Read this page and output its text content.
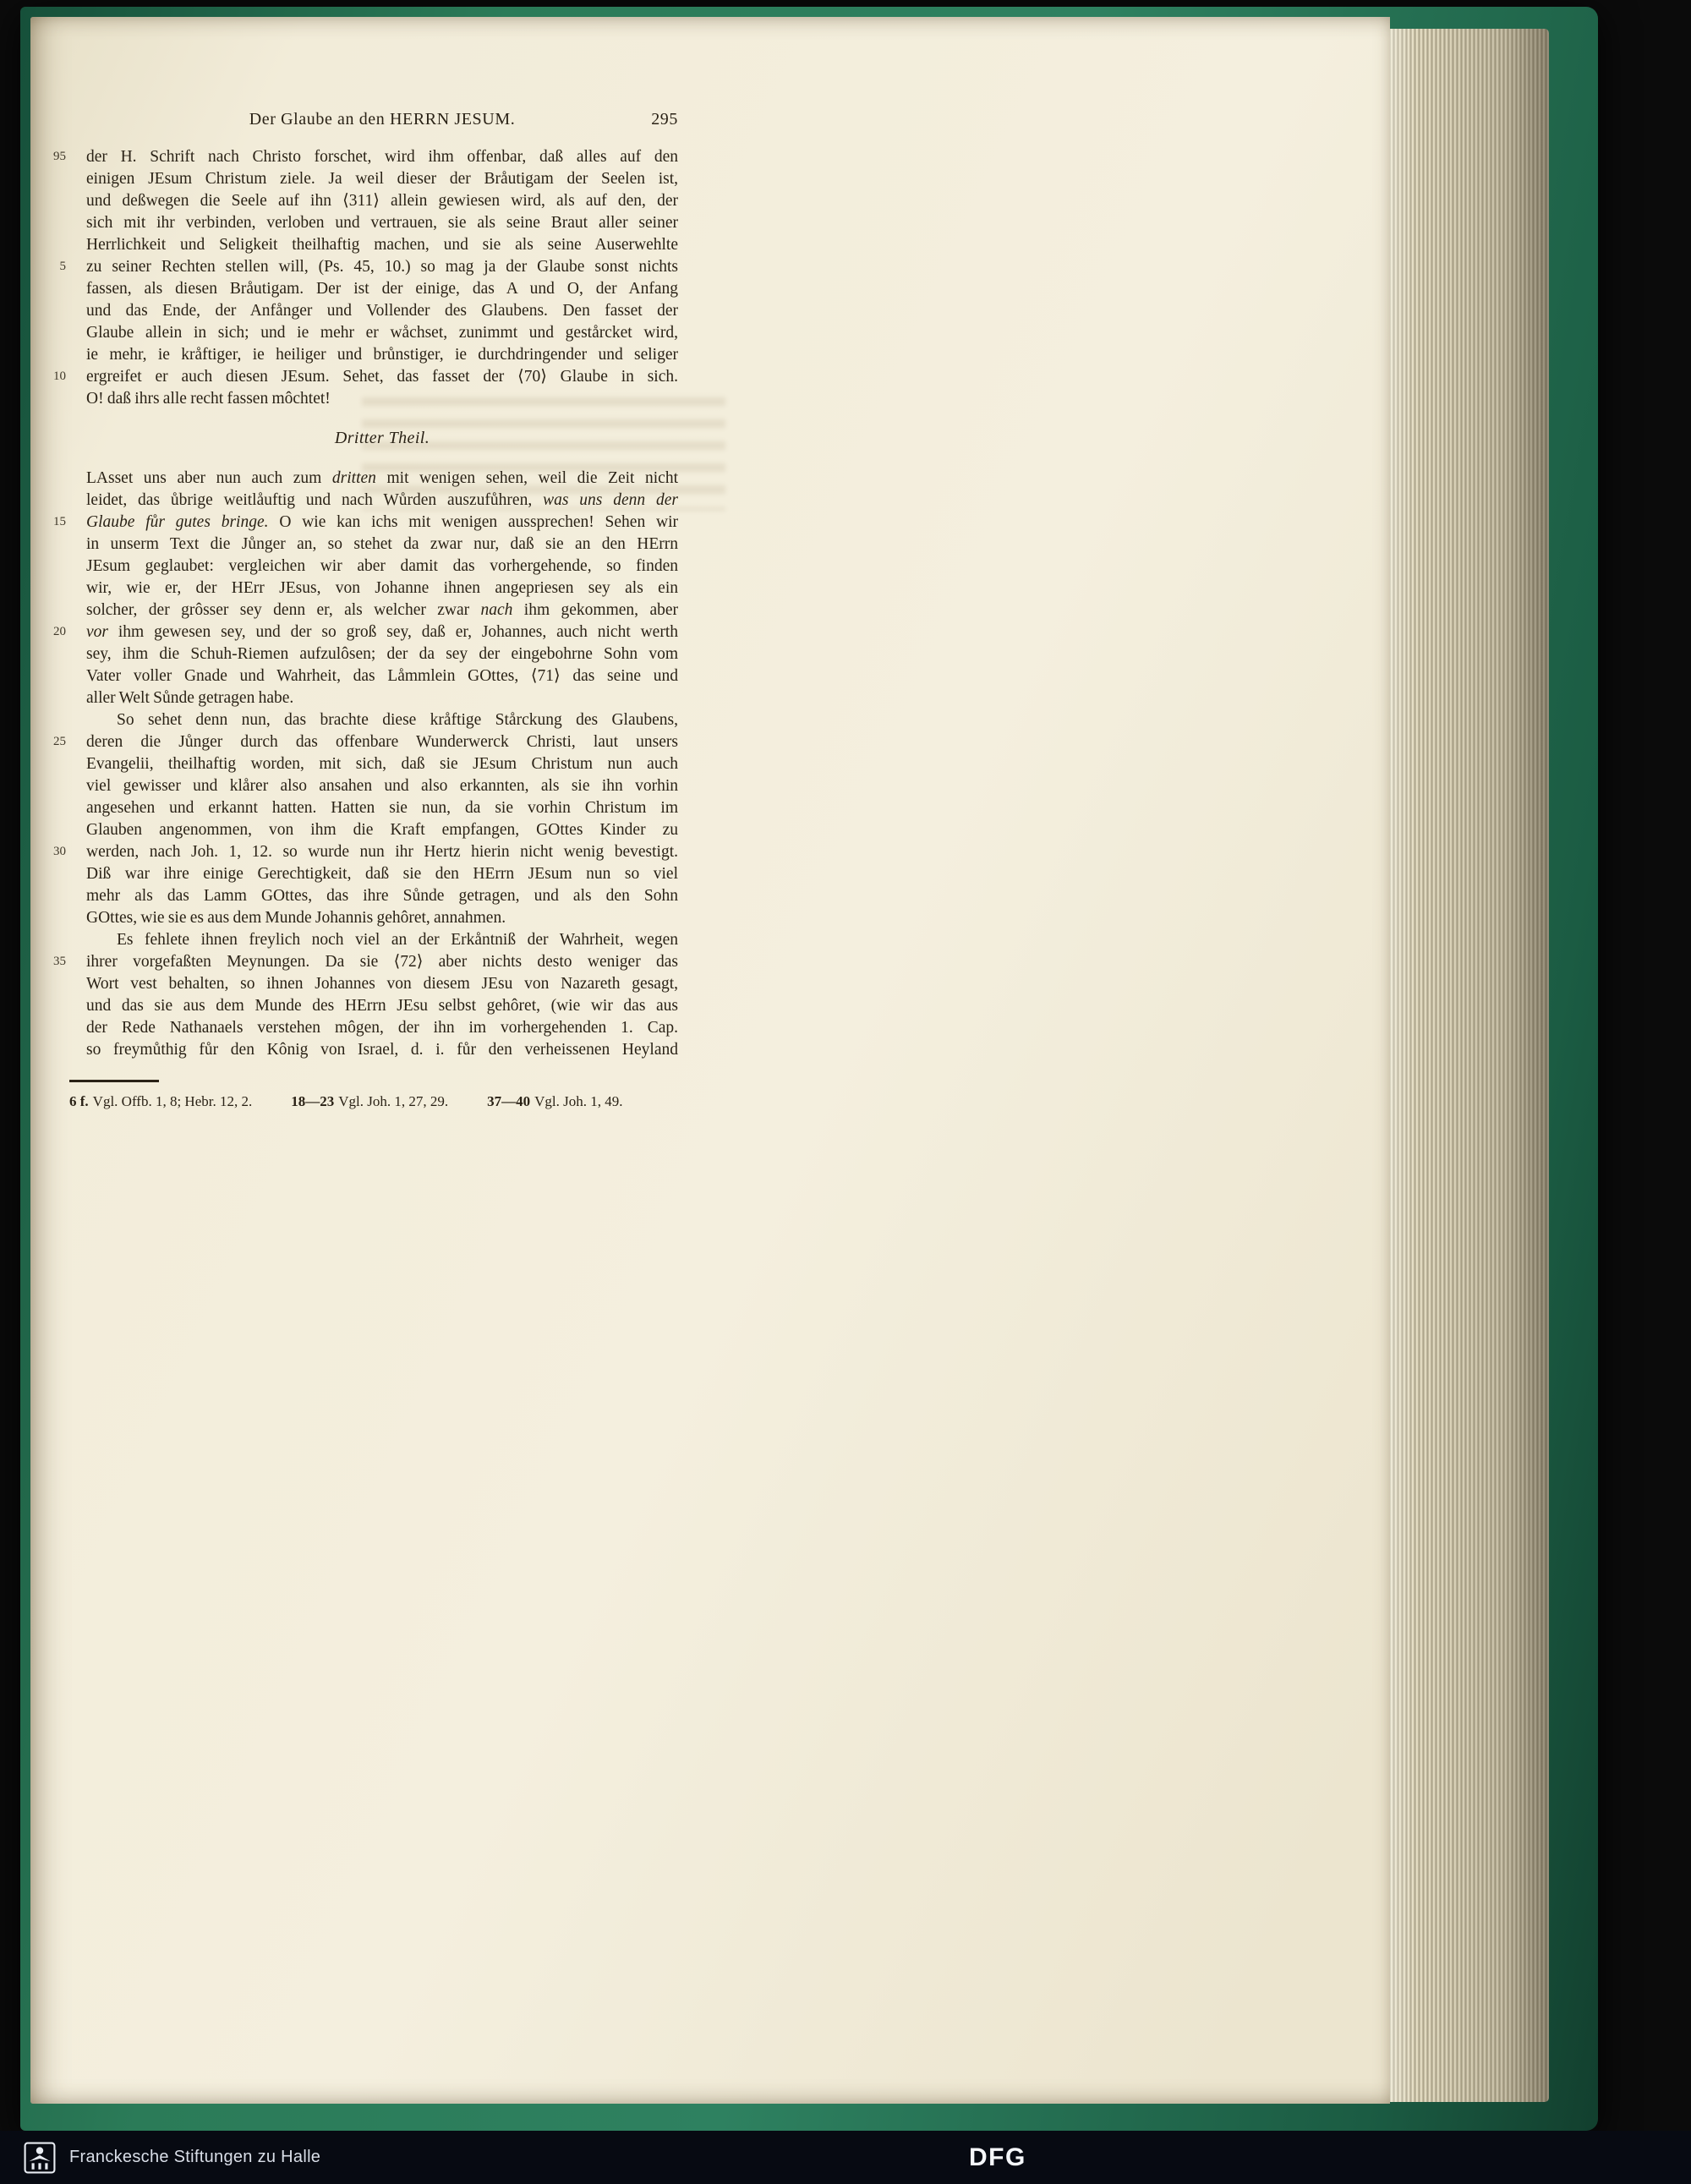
Der Glaube an den HERRN JESUM.	295
95 der H. Schrift nach Christo forschet, wird ihm offenbar, daß alles auf den
einigen JEsum Christum ziele. Ja weil dieser der Bråutigam der Seelen ist,
und deßwegen die Seele auf ihn ⟨311⟩ allein gewiesen wird, als auf den, der
sich mit ihr verbinden, verloben und vertrauen, sie als seine Braut aller seiner
Herrlichkeit und Seligkeit theilhaftig machen, und sie als seine Auserwehlte
5 zu seiner Rechten stellen will, (Ps. 45, 10.) so mag ja der Glaube sonst nichts
fassen, als diesen Bråutigam. Der ist der einige, das A und O, der Anfang
und das Ende, der Anfånger und Vollender des Glaubens. Den fasset der
Glaube allein in sich; und ie mehr er wåchset, zunimmt und gestårcket wird,
ie mehr, ie kråftiger, ie heiliger und brůnstiger, ie durchdringender und seliger
10 ergreifet er auch diesen JEsum. Sehet, das fasset der ⟨70⟩ Glaube in sich.
O! daß ihrs alle recht fassen môchtet!
Dritter Theil.
LAsset uns aber nun auch zum dritten mit wenigen sehen, weil die Zeit nicht
leidet, das ůbrige weitlåuftig und nach Wůrden auszufůhren, was uns denn der
15 Glaube fůr gutes bringe. O wie kan ichs mit wenigen aussprechen! Sehen wir
in unserm Text die Jůnger an, so stehet da zwar nur, daß sie an den HErrn
JEsum geglaubet: vergleichen wir aber damit das vorhergehende, so finden
wir, wie er, der HErr JEsus, von Johanne ihnen angepriesen sey als ein
solcher, der grôsser sey denn er, als welcher zwar nach ihm gekommen, aber
20 vor ihm gewesen sey, und der so groß sey, daß er, Johannes, auch nicht werth
sey, ihm die Schuh-Riemen aufzulôsen; der da sey der eingebohrne Sohn vom
Vater voller Gnade und Wahrheit, das Låmmlein GOttes, ⟨71⟩ das seine und
aller Welt Sůnde getragen habe.
So sehet denn nun, das brachte diese kråftige Stårckung des Glaubens,
25 deren die Jůnger durch das offenbare Wunderwerck Christi, laut unsers
Evangelii, theilhaftig worden, mit sich, daß sie JEsum Christum nun auch
viel gewisser und klårer also ansahen und also erkannten, als sie ihn vorhin
angesehen und erkannt hatten. Hatten sie nun, da sie vorhin Christum im
Glauben angenommen, von ihm die Kraft empfangen, GOttes Kinder zu
30 werden, nach Joh. 1, 12. so wurde nun ihr Hertz hierin nicht wenig bevestigt.
Diß war ihre einige Gerechtigkeit, daß sie den HErrn JEsum nun so viel
mehr als das Lamm GOttes, das ihre Sůnde getragen, und als den Sohn
GOttes, wie sie es aus dem Munde Johannis gehôret, annahmen.
Es fehlete ihnen freylich noch viel an der Erkåntniß der Wahrheit, wegen
35 ihrer vorgefaßten Meynungen. Da sie ⟨72⟩ aber nichts desto weniger das
Wort vest behalten, so ihnen Johannes von diesem JEsu von Nazareth gesagt,
und das sie aus dem Munde des HErrn JEsu selbst gehôret, (wie wir das aus
der Rede Nathanaels verstehen môgen, der ihn im vorhergehenden 1. Cap.
so freymůthig fůr den Kônig von Israel, d. i. fůr den verheissenen Heyland
6 f. Vgl. Offb. 1, 8; Hebr. 12, 2.	18—23 Vgl. Joh. 1, 27, 29.	37—40 Vgl. Joh. 1, 49.
Franckesche Stiftungen zu Halle	DFG
